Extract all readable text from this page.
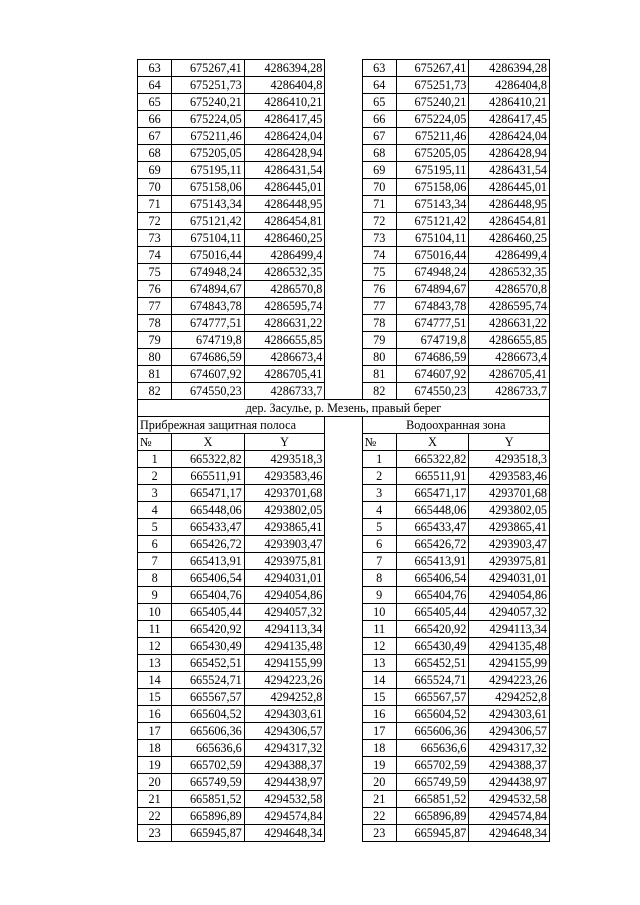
63	675267,41	4286394,28		63	675267,41	4286394,28
64	675251,73	4286404,8		64	675251,73	4286404,8
65	675240,21	4286410,21		65	675240,21	4286410,21
66	675224,05	4286417,45		66	675224,05	4286417,45
67	675211,46	4286424,04		67	675211,46	4286424,04
68	675205,05	4286428,94		68	675205,05	4286428,94
69	675195,11	4286431,54		69	675195,11	4286431,54
70	675158,06	4286445,01		70	675158,06	4286445,01
71	675143,34	4286448,95		71	675143,34	4286448,95
72	675121,42	4286454,81		72	675121,42	4286454,81
73	675104,11	4286460,25		73	675104,11	4286460,25
74	675016,44	4286499,4		74	675016,44	4286499,4
75	674948,24	4286532,35		75	674948,24	4286532,35
76	674894,67	4286570,8		76	674894,67	4286570,8
77	674843,78	4286595,74		77	674843,78	4286595,74
78	674777,51	4286631,22		78	674777,51	4286631,22
79	674719,8	4286655,85		79	674719,8	4286655,85
80	674686,59	4286673,4		80	674686,59	4286673,4
81	674607,92	4286705,41		81	674607,92	4286705,41
82	674550,23	4286733,7		82	674550,23	4286733,7
дер. Засулье, р. Мезень, правый берег						
Прибрежная защитная полоса				Водоохранная зона		
№	X	Y		№	X	Y
1	665322,82	4293518,3		1	665322,82	4293518,3
2	665511,91	4293583,46		2	665511,91	4293583,46
3	665471,17	4293701,68		3	665471,17	4293701,68
4	665448,06	4293802,05		4	665448,06	4293802,05
5	665433,47	4293865,41		5	665433,47	4293865,41
6	665426,72	4293903,47		6	665426,72	4293903,47
7	665413,91	4293975,81		7	665413,91	4293975,81
8	665406,54	4294031,01		8	665406,54	4294031,01
9	665404,76	4294054,86		9	665404,76	4294054,86
10	665405,44	4294057,32		10	665405,44	4294057,32
11	665420,92	4294113,34		11	665420,92	4294113,34
12	665430,49	4294135,48		12	665430,49	4294135,48
13	665452,51	4294155,99		13	665452,51	4294155,99
14	665524,71	4294223,26		14	665524,71	4294223,26
15	665567,57	4294252,8		15	665567,57	4294252,8
16	665604,52	4294303,61		16	665604,52	4294303,61
17	665606,36	4294306,57		17	665606,36	4294306,57
18	665636,6	4294317,32		18	665636,6	4294317,32
19	665702,59	4294388,37		19	665702,59	4294388,37
20	665749,59	4294438,97		20	665749,59	4294438,97
21	665851,52	4294532,58		21	665851,52	4294532,58
22	665896,89	4294574,84		22	665896,89	4294574,84
23	665945,87	4294648,34		23	665945,87	4294648,34
